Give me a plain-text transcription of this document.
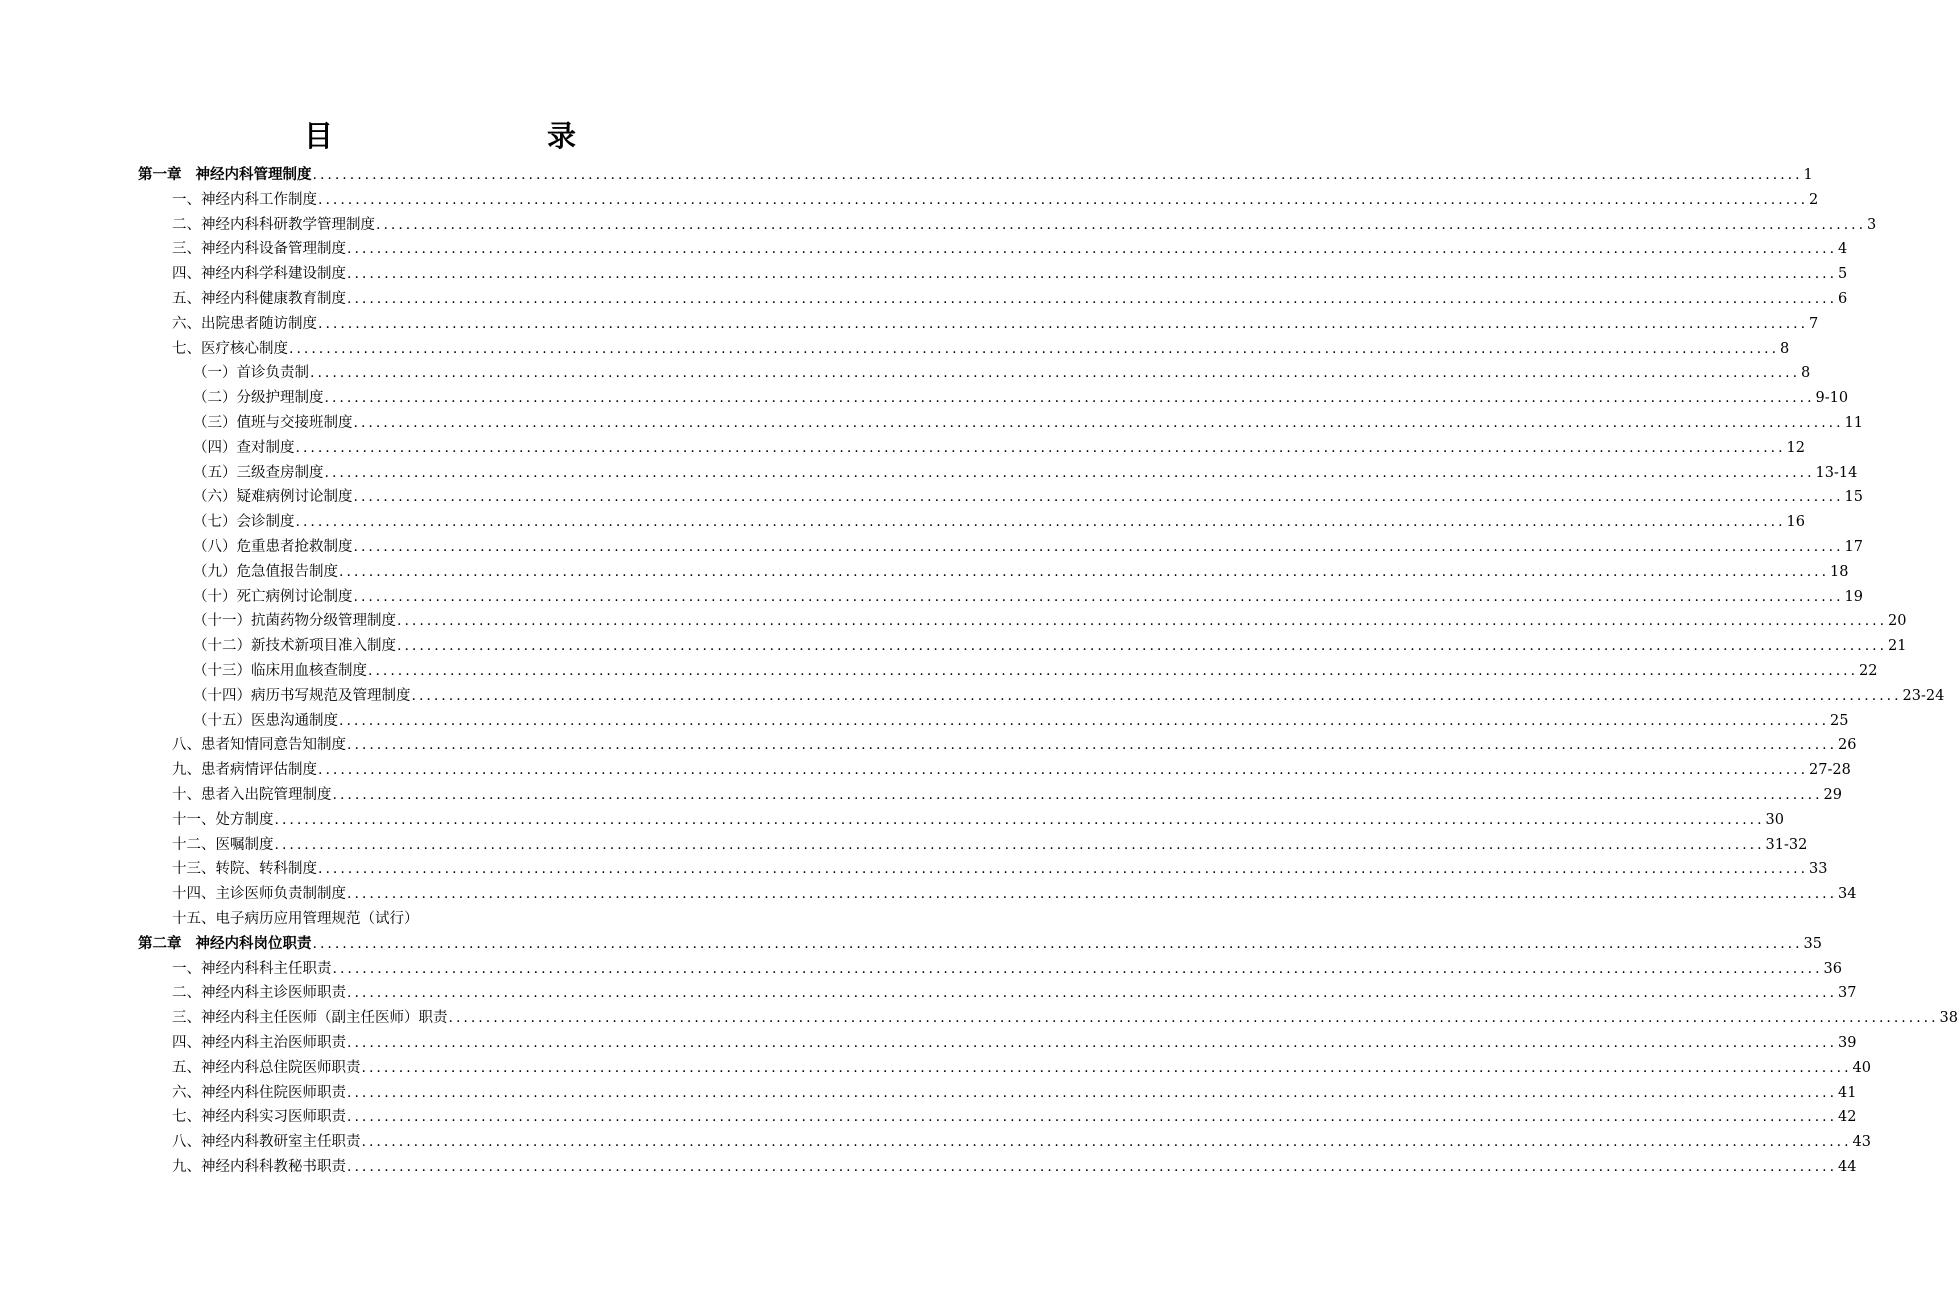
目　　录
第一章 神经内科管理制度 ........................................................................................................................................................................................................ 1
一、神经内科工作制度 ........................................................................................................................................................................................................ 2
二、神经内科科研教学管理制度 ........................................................................................................................................................................................................ 3
三、神经内科设备管理制度 ........................................................................................................................................................................................................ 4
四、神经内科学科建设制度 ........................................................................................................................................................................................................ 5
五、神经内科健康教育制度 ........................................................................................................................................................................................................ 6
六、出院患者随访制度 ........................................................................................................................................................................................................ 7
七、医疗核心制度 ........................................................................................................................................................................................................ 8
（一）首诊负责制 ........................................................................................................................................................................................................ 8
（二）分级护理制度 ........................................................................................................................................................................................................ 9-10
（三）值班与交接班制度 ........................................................................................................................................................................................................ 11
（四）查对制度 ........................................................................................................................................................................................................ 12
（五）三级查房制度 ........................................................................................................................................................................................................ 13-14
（六）疑难病例讨论制度 ........................................................................................................................................................................................................ 15
（七）会诊制度 ........................................................................................................................................................................................................ 16
（八）危重患者抢救制度 ........................................................................................................................................................................................................ 17
（九）危急值报告制度 ........................................................................................................................................................................................................ 18
（十）死亡病例讨论制度 ........................................................................................................................................................................................................ 19
（十一）抗菌药物分级管理制度 ........................................................................................................................................................................................................ 20
（十二）新技术新项目准入制度 ........................................................................................................................................................................................................ 21
（十三）临床用血核查制度 ........................................................................................................................................................................................................ 22
（十四）病历书写规范及管理制度 ........................................................................................................................................................................................................ 23-24
（十五）医患沟通制度 ........................................................................................................................................................................................................ 25
八、患者知情同意告知制度 ........................................................................................................................................................................................................ 26
九、患者病情评估制度 ........................................................................................................................................................................................................ 27-28
十、患者入出院管理制度 ........................................................................................................................................................................................................ 29
十一、处方制度 ........................................................................................................................................................................................................ 30
十二、医嘱制度 ........................................................................................................................................................................................................ 31-32
十三、转院、转科制度 ........................................................................................................................................................................................................ 33
十四、主诊医师负责制制度 ........................................................................................................................................................................................................ 34
十五、电子病历应用管理规范（试行）
第二章 神经内科岗位职责 ........................................................................................................................................................................................................ 35
一、神经内科科主任职责 ........................................................................................................................................................................................................ 36
二、神经内科主诊医师职责 ........................................................................................................................................................................................................ 37
三、神经内科主任医师（副主任医师）职责 ........................................................................................................................................................................................................ 38
四、神经内科主治医师职责 ........................................................................................................................................................................................................ 39
五、神经内科总住院医师职责 ........................................................................................................................................................................................................ 40
六、神经内科住院医师职责 ........................................................................................................................................................................................................ 41
七、神经内科实习医师职责 ........................................................................................................................................................................................................ 42
八、神经内科教研室主任职责 ........................................................................................................................................................................................................ 43
九、神经内科科教秘书职责 ........................................................................................................................................................................................................ 44
